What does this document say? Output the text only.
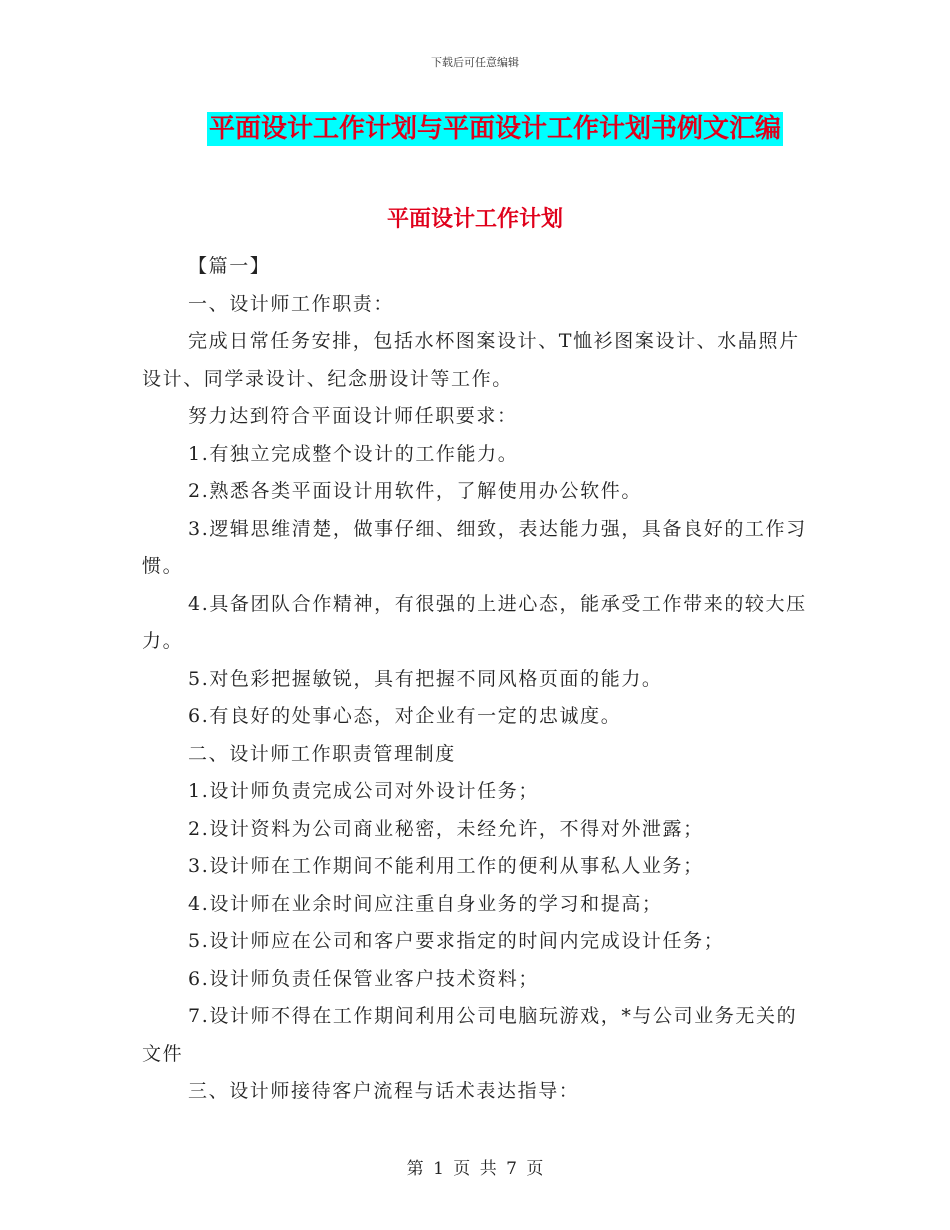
下载后可任意编辑
平面设计工作计划与平面设计工作计划书例文汇编
平面设计工作计划

【篇一】

一、设计师工作职责：

完成日常任务安排，包括水杯图案设计、T恤衫图案设计、水晶照片设计、同学录设计、纪念册设计等工作。

努力达到符合平面设计师任职要求：

1.有独立完成整个设计的工作能力。

2.熟悉各类平面设计用软件，了解使用办公软件。

3.逻辑思维清楚，做事仔细、细致，表达能力强，具备良好的工作习惯。

4.具备团队合作精神，有很强的上进心态，能承受工作带来的较大压力。

5.对色彩把握敏锐，具有把握不同风格页面的能力。

6.有良好的处事心态，对企业有一定的忠诚度。

二、设计师工作职责管理制度

1.设计师负责完成公司对外设计任务；

2.设计资料为公司商业秘密，未经允许，不得对外泄露；

3.设计师在工作期间不能利用工作的便利从事私人业务；

4.设计师在业余时间应注重自身业务的学习和提高；

5.设计师应在公司和客户要求指定的时间内完成设计任务；

6.设计师负责任保管业客户技术资料；

7.设计师不得在工作期间利用公司电脑玩游戏，*与公司业务无关的文件

三、设计师接待客户流程与话术表达指导：

第 1 页 共 7 页
